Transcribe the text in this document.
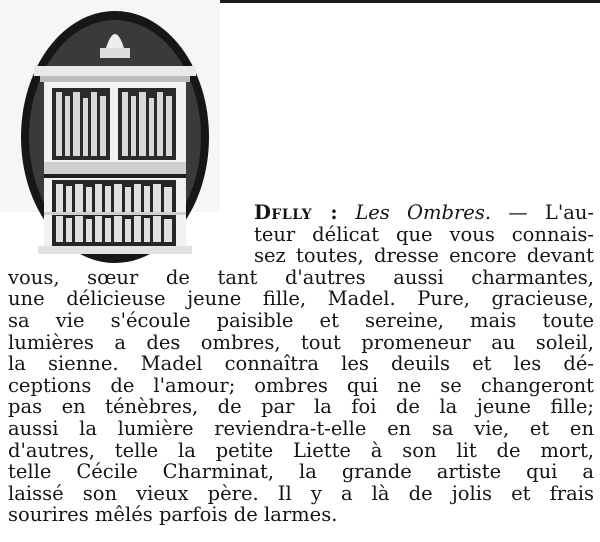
Dflly : Les Ombres. — L'au-
teur délicat que vous connais-
sez toutes, dresse encore devant
vous, sœur de tant d'autres aussi charmantes,
une délicieuse jeune fille, Madel. Pure, gracieuse,
sa vie s'écoule paisible et sereine, mais toute
lumières a des ombres, tout promeneur au soleil,
la sienne. Madel connaîtra les deuils et les dé-
ceptions de l'amour; ombres qui ne se changeront
pas en ténèbres, de par la foi de la jeune fille;
aussi la lumière reviendra-t-elle en sa vie, et en
d'autres, telle la petite Liette à son lit de mort,
telle Cécile Charminat, la grande artiste qui a
laissé son vieux père. Il y a là de jolis et frais
sourires mêlés parfois de larmes.
